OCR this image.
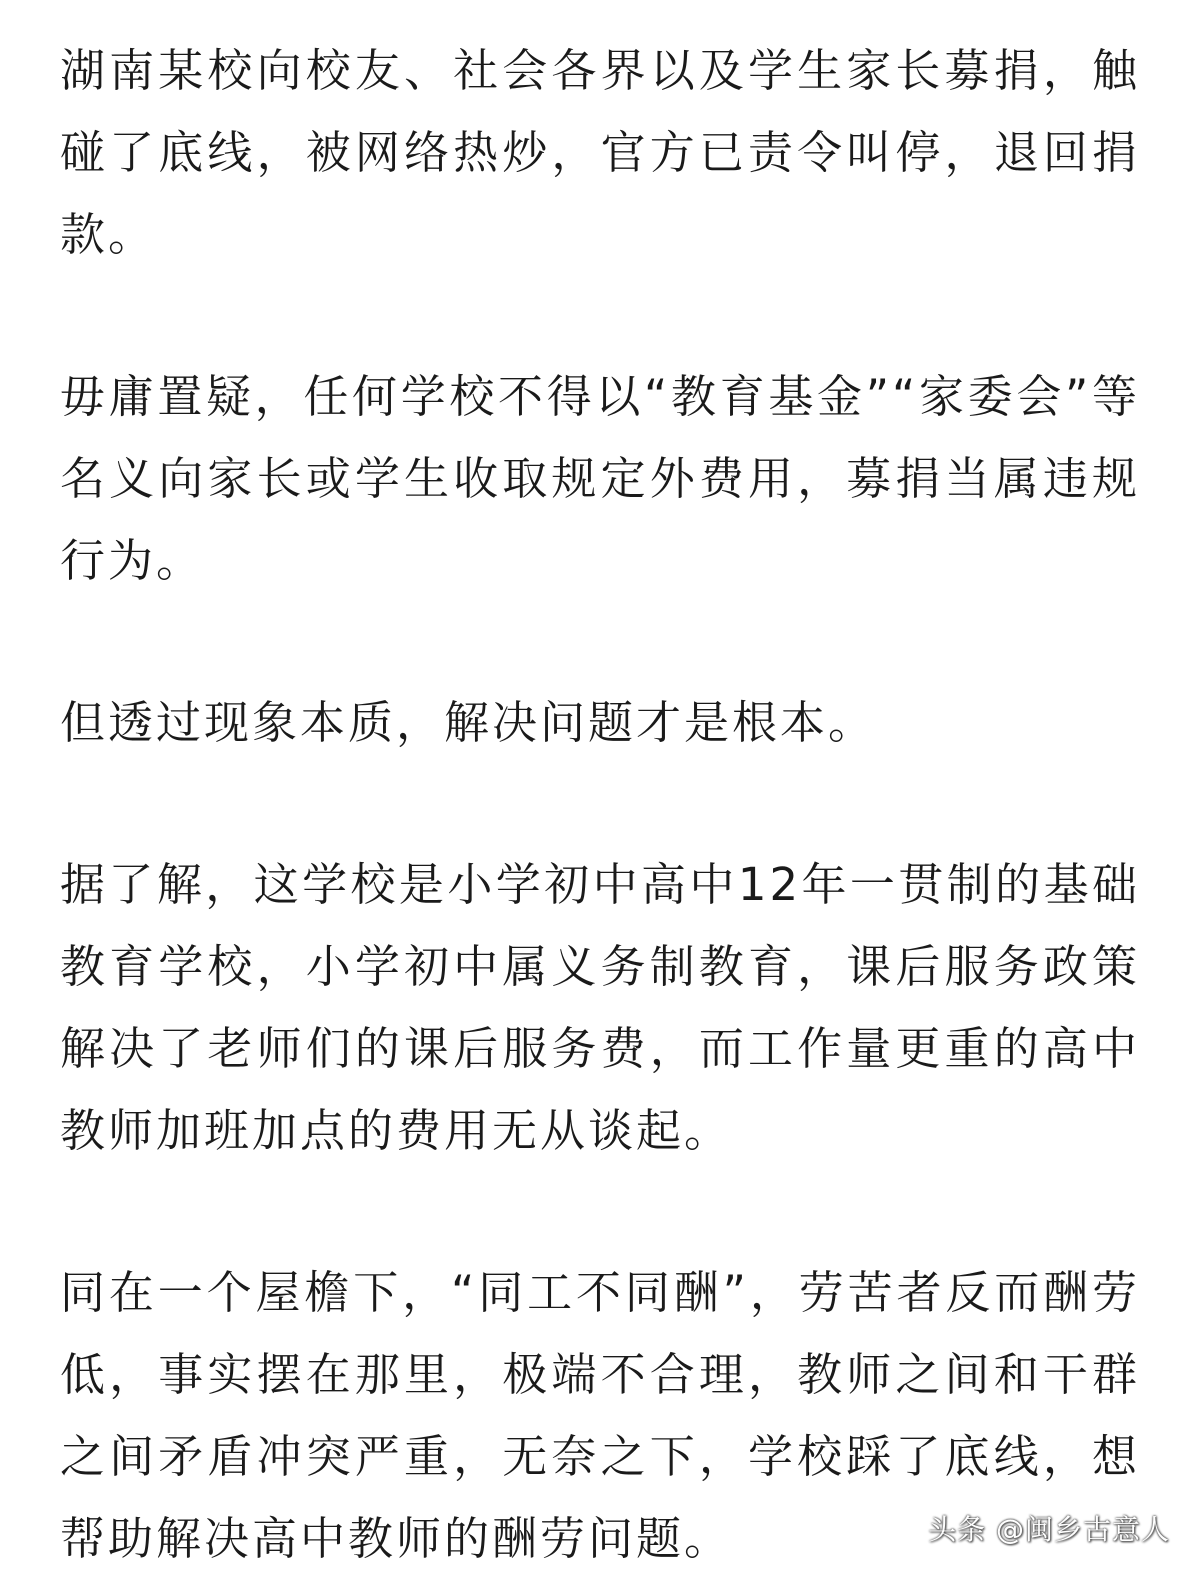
湖南某校向校友、社会各界以及学生家长募捐，触碰了底线，被网络热炒，官方已责令叫停，退回捐款。

毋庸置疑，任何学校不得以“教育基金”“家委会”等名义向家长或学生收取规定外费用，募捐当属违规行为。

但透过现象本质，解决问题才是根本。

据了解，这学校是小学初中高中12年一贯制的基础教育学校，小学初中属义务制教育，课后服务政策解决了老师们的课后服务费，而工作量更重的高中教师加班加点的费用无从谈起。

同在一个屋檐下，“同工不同酬”，劳苦者反而酬劳低，事实摆在那里，极端不合理，教师之间和干群之间矛盾冲突严重，无奈之下，学校踩了底线，想帮助解决高中教师的酬劳问题。	头条 @闽乡古意人
